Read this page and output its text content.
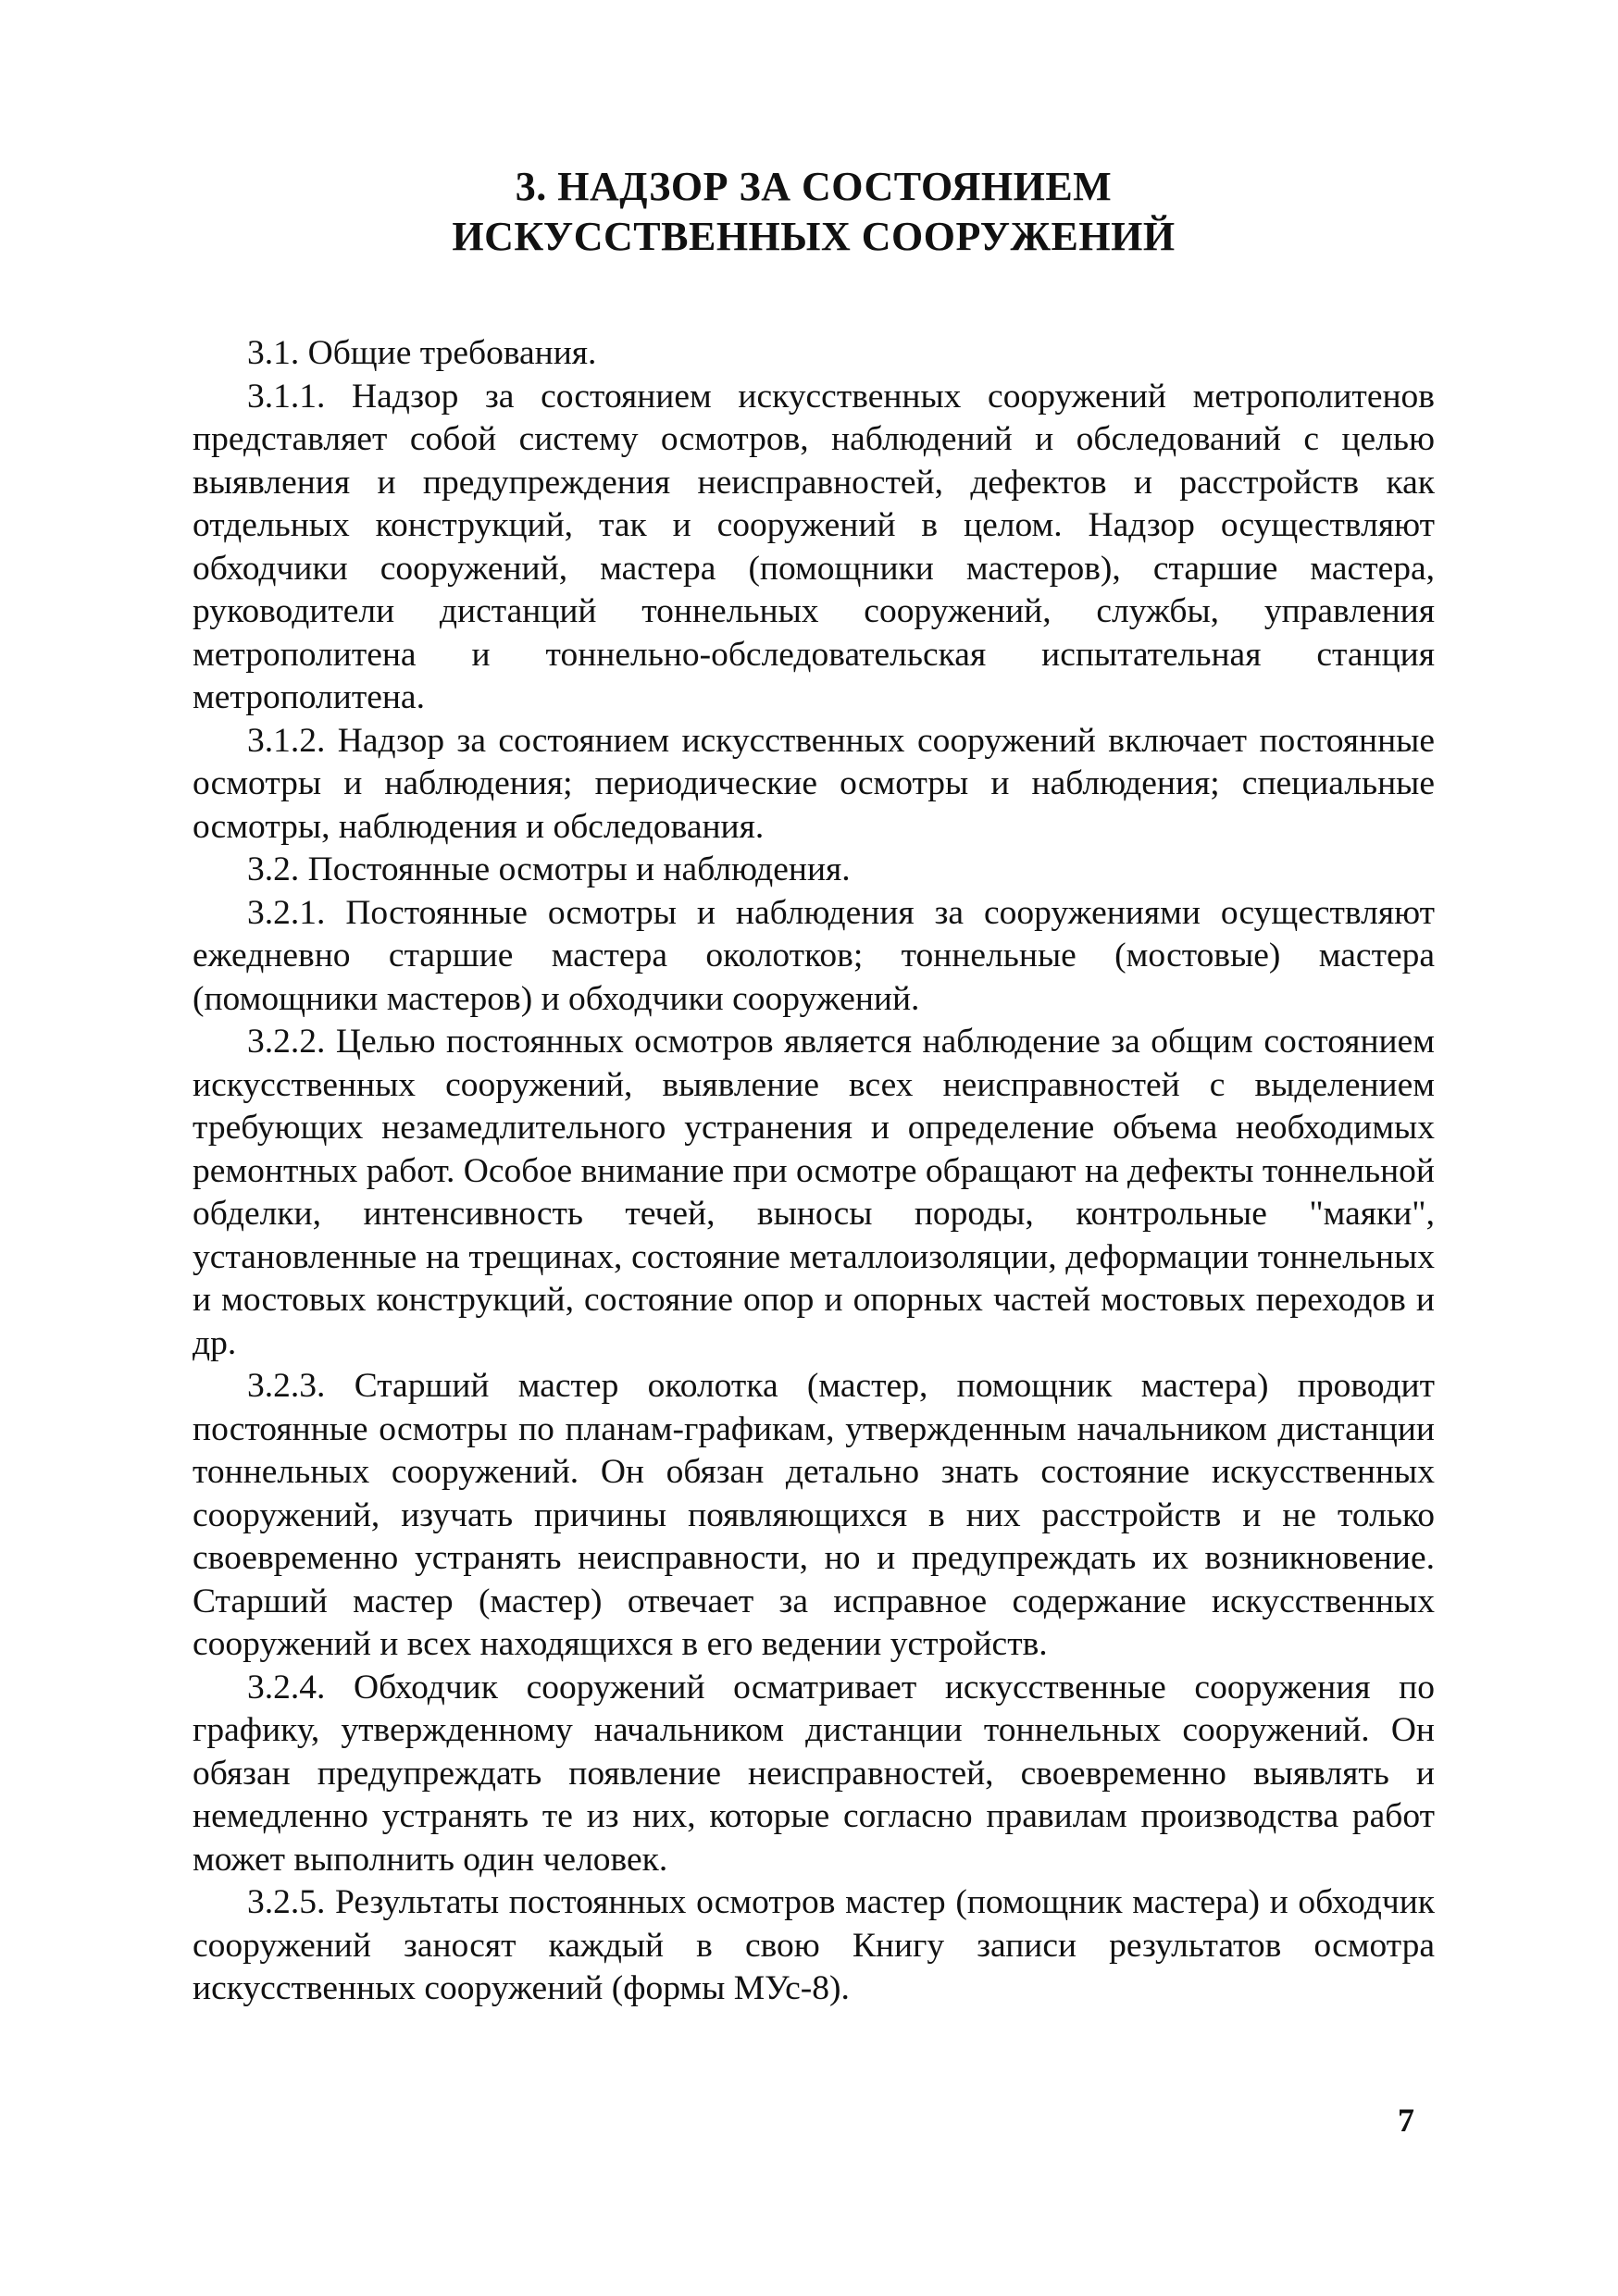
3. НАДЗОР ЗА СОСТОЯНИЕМ
ИСКУССТВЕННЫХ СООРУЖЕНИЙ

3.1. Общие требования.

3.1.1. Надзор за состоянием искусственных сооружений метрополитенов представляет собой систему осмотров, наблюдений и обследований с целью выявления и предупреждения неисправностей, дефектов и расстройств как отдельных конструкций, так и сооружений в целом. Надзор осуществляют обходчики сооружений, мастера (помощники мастеров), старшие мастера, руководители дистанций тоннельных сооружений, службы, управления метрополитена и тоннельно-обследовательская испытательная станция метрополитена.

3.1.2. Надзор за состоянием искусственных сооружений включает постоянные осмотры и наблюдения; периодические осмотры и наблюдения; специальные осмотры, наблюдения и обследования.

3.2. Постоянные осмотры и наблюдения.

3.2.1. Постоянные осмотры и наблюдения за сооружениями осуществляют ежедневно старшие мастера околотков; тоннельные (мостовые) мастера (помощники мастеров) и обходчики сооружений.

3.2.2. Целью постоянных осмотров является наблюдение за общим состоянием искусственных сооружений, выявление всех неисправностей с выделением требующих незамедлительного устранения и определение объема необходимых ремонтных работ. Особое внимание при осмотре обращают на дефекты тоннельной обделки, интенсивность течей, выносы породы, контрольные "маяки", установленные на трещинах, состояние металлоизоляции, деформации тоннельных и мостовых конструкций, состояние опор и опорных частей мостовых переходов и др.

3.2.3. Старший мастер околотка (мастер, помощник мастера) проводит постоянные осмотры по планам-графикам, утвержденным начальником дистанции тоннельных сооружений. Он обязан детально знать состояние искусственных сооружений, изучать причины появляющихся в них расстройств и не только своевременно устранять неисправности, но и предупреждать их возникновение. Старший мастер (мастер) отвечает за исправное содержание искусственных сооружений и всех находящихся в его ведении устройств.

3.2.4. Обходчик сооружений осматривает искусственные сооружения по графику, утвержденному начальником дистанции тоннельных сооружений. Он обязан предупреждать появление неисправностей, своевременно выявлять и немедленно устранять те из них, которые согласно правилам производства работ может выполнить один человек.

3.2.5. Результаты постоянных осмотров мастер (помощник мастера) и обходчик сооружений заносят каждый в свою Книгу записи результатов осмотра искусственных сооружений (формы МУс-8).

7
